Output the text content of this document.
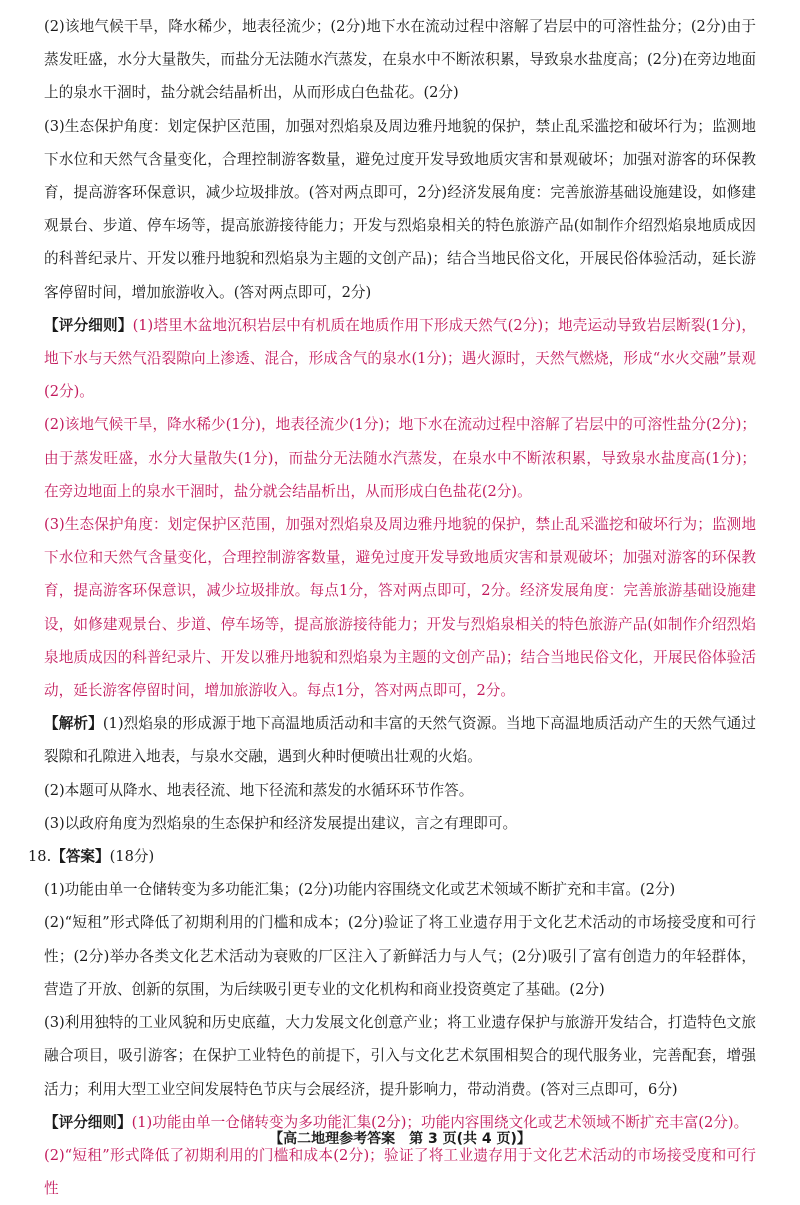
(2)该地气候干旱，降水稀少，地表径流少；(2分)地下水在流动过程中溶解了岩层中的可溶性盐分；(2分)由于蒸发旺盛，水分大量散失，而盐分无法随水汽蒸发，在泉水中不断浓积累，导致泉水盐度高；(2分)在旁边地面上的泉水干涸时，盐分就会结晶析出，从而形成白色盐花。(2分)

(3)生态保护角度：划定保护区范围，加强对烈焰泉及周边雅丹地貌的保护，禁止乱采滥挖和破坏行为；监测地下水位和天然气含量变化，合理控制游客数量，避免过度开发导致地质灾害和景观破坏；加强对游客的环保教育，提高游客环保意识，减少垃圾排放。(答对两点即可，2分)经济发展角度：完善旅游基础设施建设，如修建观景台、步道、停车场等，提高旅游接待能力；开发与烈焰泉相关的特色旅游产品(如制作介绍烈焰泉地质成因的科普纪录片、开发以雅丹地貌和烈焰泉为主题的文创产品)；结合当地民俗文化，开展民俗体验活动，延长游客停留时间，增加旅游收入。(答对两点即可，2分)

【评分细则】(1)塔里木盆地沉积岩层中有机质在地质作用下形成天然气(2分)；地壳运动导致岩层断裂(1分)，地下水与天然气沿裂隙向上渗透、混合，形成含气的泉水(1分)；遇火源时，天然气燃烧，形成“水火交融”景观(2分)。

(2)该地气候干旱，降水稀少(1分)，地表径流少(1分)；地下水在流动过程中溶解了岩层中的可溶性盐分(2分)；由于蒸发旺盛，水分大量散失(1分)，而盐分无法随水汽蒸发，在泉水中不断浓积累，导致泉水盐度高(1分)；在旁边地面上的泉水干涸时，盐分就会结晶析出，从而形成白色盐花(2分)。

(3)生态保护角度：划定保护区范围，加强对烈焰泉及周边雅丹地貌的保护，禁止乱采滥挖和破坏行为；监测地下水位和天然气含量变化，合理控制游客数量，避免过度开发导致地质灾害和景观破坏；加强对游客的环保教育，提高游客环保意识，减少垃圾排放。每点1分，答对两点即可，2分。经济发展角度：完善旅游基础设施建设，如修建观景台、步道、停车场等，提高旅游接待能力；开发与烈焰泉相关的特色旅游产品(如制作介绍烈焰泉地质成因的科普纪录片、开发以雅丹地貌和烈焰泉为主题的文创产品)；结合当地民俗文化，开展民俗体验活动，延长游客停留时间，增加旅游收入。每点1分，答对两点即可，2分。

【解析】(1)烈焰泉的形成源于地下高温地质活动和丰富的天然气资源。当地下高温地质活动产生的天然气通过裂隙和孔隙进入地表，与泉水交融，遇到火种时便喷出壮观的火焰。

(2)本题可从降水、地表径流、地下径流和蒸发的水循环环节作答。

(3)以政府角度为烈焰泉的生态保护和经济发展提出建议，言之有理即可。

18.【答案】(18分)

(1)功能由单一仓储转变为多功能汇集；(2分)功能内容围绕文化或艺术领域不断扩充和丰富。(2分)

(2)“短租”形式降低了初期利用的门槛和成本；(2分)验证了将工业遗存用于文化艺术活动的市场接受度和可行性；(2分)举办各类文化艺术活动为衰败的厂区注入了新鲜活力与人气；(2分)吸引了富有创造力的年轻群体，营造了开放、创新的氛围，为后续吸引更专业的文化机构和商业投资奠定了基础。(2分)

(3)利用独特的工业风貌和历史底蕴，大力发展文化创意产业；将工业遗存保护与旅游开发结合，打造特色文旅融合项目，吸引游客；在保护工业特色的前提下，引入与文化艺术氛围相契合的现代服务业，完善配套，增强活力；利用大型工业空间发展特色节庆与会展经济，提升影响力，带动消费。(答对三点即可，6分)

【评分细则】(1)功能由单一仓储转变为多功能汇集(2分)；功能内容围绕文化或艺术领域不断扩充丰富(2分)。

(2)“短租”形式降低了初期利用的门槛和成本(2分)；验证了将工业遗存用于文化艺术活动的市场接受度和可行性

【高二地理参考答案　第 3 页(共 4 页)】
